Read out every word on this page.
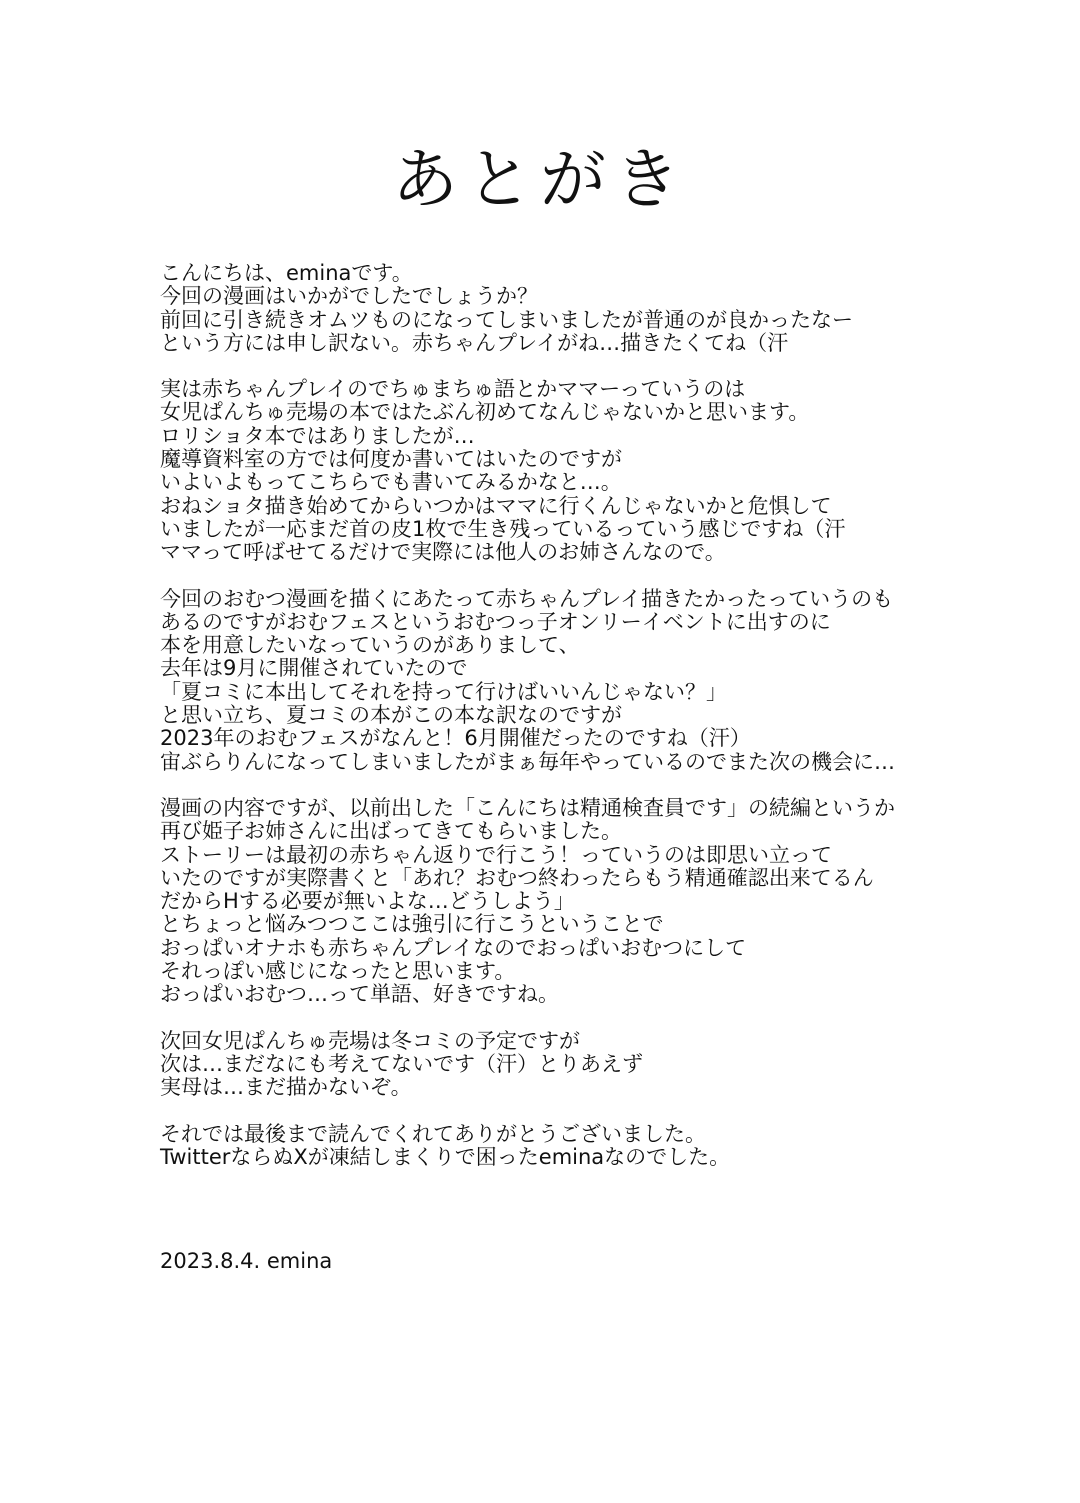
あとがき

こんにちは、eminaです。
今回の漫画はいかがでしたでしょうか？
前回に引き続きオムツものになってしまいましたが普通のが良かったなー
という方には申し訳ない。赤ちゃんプレイがね…描きたくてね（汗

実は赤ちゃんプレイのでちゅまちゅ語とかママーっていうのは
女児ぱんちゅ売場の本ではたぶん初めてなんじゃないかと思います。
ロリショタ本ではありましたが…
魔導資料室の方では何度か書いてはいたのですが
いよいよもってこちらでも書いてみるかなと…。
おねショタ描き始めてからいつかはママに行くんじゃないかと危惧して
いましたが一応まだ首の皮1枚で生き残っているっていう感じですね（汗
ママって呼ばせてるだけで実際には他人のお姉さんなので。

今回のおむつ漫画を描くにあたって赤ちゃんプレイ描きたかったっていうのも
あるのですがおむフェスというおむつっ子オンリーイベントに出すのに
本を用意したいなっていうのがありまして、
去年は9月に開催されていたので
「夏コミに本出してそれを持って行けばいいんじゃない？」
と思い立ち、夏コミの本がこの本な訳なのですが
2023年のおむフェスがなんと！6月開催だったのですね（汗）
宙ぶらりんになってしまいましたがまぁ毎年やっているのでまた次の機会に…

漫画の内容ですが、以前出した「こんにちは精通検査員です」の続編というか
再び姫子お姉さんに出ばってきてもらいました。
ストーリーは最初の赤ちゃん返りで行こう！っていうのは即思い立って
いたのですが実際書くと「あれ？おむつ終わったらもう精通確認出来てるん
だからHする必要が無いよな…どうしよう」
とちょっと悩みつつここは強引に行こうということで
おっぱいオナホも赤ちゃんプレイなのでおっぱいおむつにして
それっぽい感じになったと思います。
おっぱいおむつ…って単語、好きですね。

次回女児ぱんちゅ売場は冬コミの予定ですが
次は…まだなにも考えてないです（汗）とりあえず
実母は…まだ描かないぞ。

それでは最後まで読んでくれてありがとうございました。
TwitterならぬXが凍結しまくりで困ったeminaなのでした。

2023.8.4. emina
